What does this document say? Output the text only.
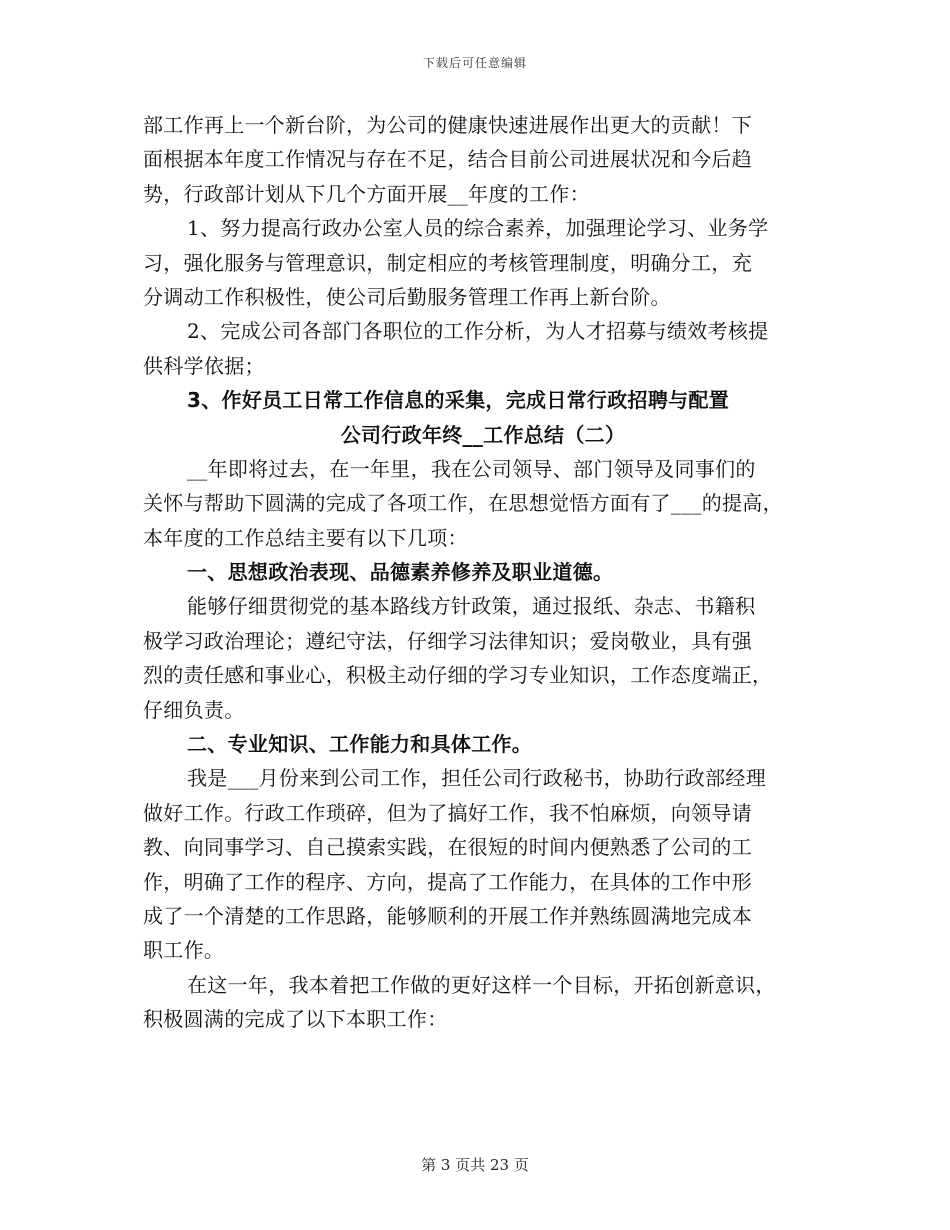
下载后可任意编辑
部工作再上一个新台阶，为公司的健康快速进展作出更大的贡献！下
面根据本年度工作情况与存在不足，结合目前公司进展状况和今后趋
势，行政部计划从下几个方面开展__年度的工作：
1、努力提高行政办公室人员的综合素养，加强理论学习、业务学
习，强化服务与管理意识，制定相应的考核管理制度，明确分工，充
分调动工作积极性，使公司后勤服务管理工作再上新台阶。
2、完成公司各部门各职位的工作分析，为人才招募与绩效考核提
供科学依据；
3、作好员工日常工作信息的采集，完成日常行政招聘与配置
公司行政年终__工作总结（二）
__年即将过去，在一年里，我在公司领导、部门领导及同事们的
关怀与帮助下圆满的完成了各项工作，在思想觉悟方面有了___的提高，
本年度的工作总结主要有以下几项：
一、思想政治表现、品德素养修养及职业道德。
能够仔细贯彻党的基本路线方针政策，通过报纸、杂志、书籍积
极学习政治理论；遵纪守法，仔细学习法律知识；爱岗敬业，具有强
烈的责任感和事业心，积极主动仔细的学习专业知识，工作态度端正，
仔细负责。
二、专业知识、工作能力和具体工作。
我是___月份来到公司工作，担任公司行政秘书，协助行政部经理
做好工作。行政工作琐碎，但为了搞好工作，我不怕麻烦，向领导请
教、向同事学习、自己摸索实践，在很短的时间内便熟悉了公司的工
作，明确了工作的程序、方向，提高了工作能力，在具体的工作中形
成了一个清楚的工作思路，能够顺利的开展工作并熟练圆满地完成本
职工作。
在这一年，我本着把工作做的更好这样一个目标，开拓创新意识，
积极圆满的完成了以下本职工作：
第 3 页共 23 页
